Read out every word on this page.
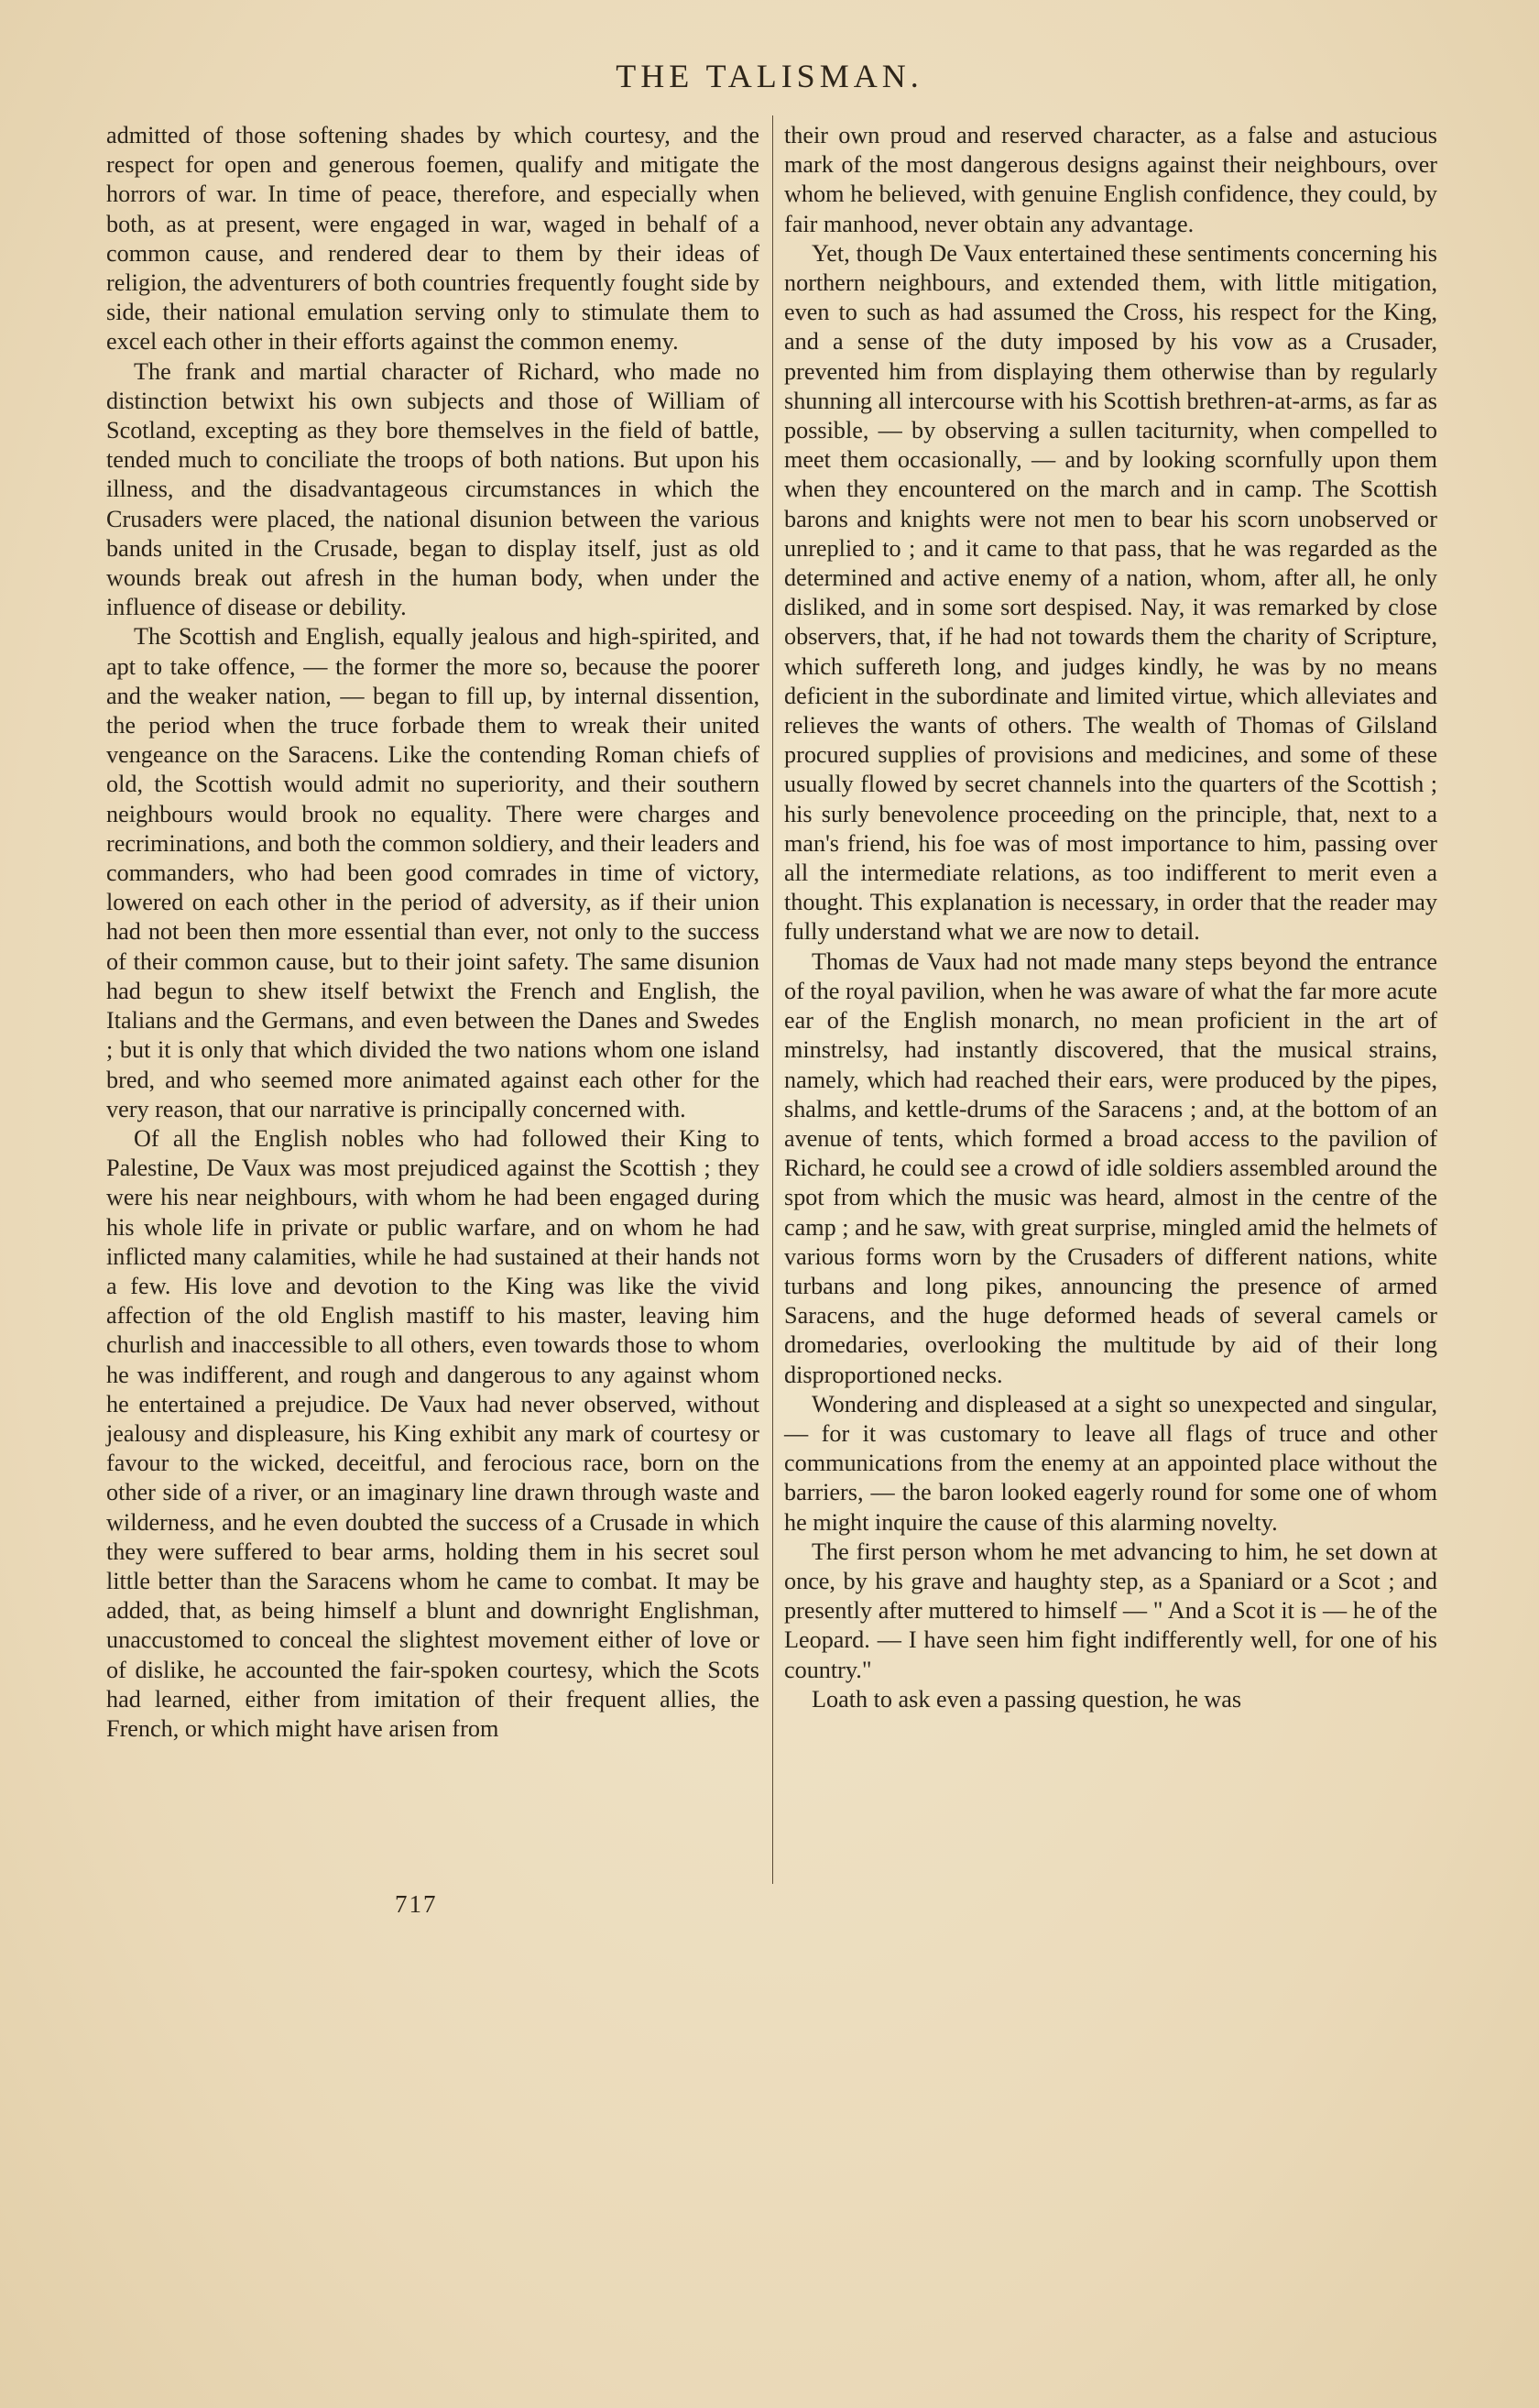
THE TALISMAN.

admitted of those softening shades by which courtesy, and the respect for open and generous foemen, qualify and mitigate the horrors of war. In time of peace, therefore, and especially when both, as at present, were engaged in war, waged in behalf of a common cause, and rendered dear to them by their ideas of religion, the adventurers of both countries frequently fought side by side, their national emulation serving only to stimulate them to excel each other in their efforts against the common enemy.

The frank and martial character of Richard, who made no distinction betwixt his own subjects and those of William of Scotland, excepting as they bore themselves in the field of battle, tended much to conciliate the troops of both nations. But upon his illness, and the disadvantageous circumstances in which the Crusaders were placed, the national disunion between the various bands united in the Crusade, began to display itself, just as old wounds break out afresh in the human body, when under the influence of disease or debility.

The Scottish and English, equally jealous and high-spirited, and apt to take offence, — the former the more so, because the poorer and the weaker nation, — began to fill up, by internal dissention, the period when the truce forbade them to wreak their united vengeance on the Saracens. Like the contending Roman chiefs of old, the Scottish would admit no superiority, and their southern neighbours would brook no equality. There were charges and recriminations, and both the common soldiery, and their leaders and commanders, who had been good comrades in time of victory, lowered on each other in the period of adversity, as if their union had not been then more essential than ever, not only to the success of their common cause, but to their joint safety. The same disunion had begun to shew itself betwixt the French and English, the Italians and the Germans, and even between the Danes and Swedes ; but it is only that which divided the two nations whom one island bred, and who seemed more animated against each other for the very reason, that our narrative is principally concerned with.

Of all the English nobles who had followed their King to Palestine, De Vaux was most prejudiced against the Scottish ; they were his near neighbours, with whom he had been engaged during his whole life in private or public warfare, and on whom he had inflicted many calamities, while he had sustained at their hands not a few. His love and devotion to the King was like the vivid affection of the old English mastiff to his master, leaving him churlish and inaccessible to all others, even towards those to whom he was indifferent, and rough and dangerous to any against whom he entertained a prejudice. De Vaux had never observed, without jealousy and displeasure, his King exhibit any mark of courtesy or favour to the wicked, deceitful, and ferocious race, born on the other side of a river, or an imaginary line drawn through waste and wilderness, and he even doubted the success of a Crusade in which they were suffered to bear arms, holding them in his secret soul little better than the Saracens whom he came to combat. It may be added, that, as being himself a blunt and downright Englishman, unaccustomed to conceal the slightest movement either of love or of dislike, he accounted the fair-spoken courtesy, which the Scots had learned, either from imitation of their frequent allies, the French, or which might have arisen from

their own proud and reserved character, as a false and astucious mark of the most dangerous designs against their neighbours, over whom he believed, with genuine English confidence, they could, by fair manhood, never obtain any advantage.

Yet, though De Vaux entertained these sentiments concerning his northern neighbours, and extended them, with little mitigation, even to such as had assumed the Cross, his respect for the King, and a sense of the duty imposed by his vow as a Crusader, prevented him from displaying them otherwise than by regularly shunning all intercourse with his Scottish brethren-at-arms, as far as possible, — by observing a sullen taciturnity, when compelled to meet them occasionally, — and by looking scornfully upon them when they encountered on the march and in camp. The Scottish barons and knights were not men to bear his scorn unobserved or unreplied to ; and it came to that pass, that he was regarded as the determined and active enemy of a nation, whom, after all, he only disliked, and in some sort despised. Nay, it was remarked by close observers, that, if he had not towards them the charity of Scripture, which suffereth long, and judges kindly, he was by no means deficient in the subordinate and limited virtue, which alleviates and relieves the wants of others. The wealth of Thomas of Gilsland procured supplies of provisions and medicines, and some of these usually flowed by secret channels into the quarters of the Scottish ; his surly benevolence proceeding on the principle, that, next to a man's friend, his foe was of most importance to him, passing over all the intermediate relations, as too indifferent to merit even a thought. This explanation is necessary, in order that the reader may fully understand what we are now to detail.

Thomas de Vaux had not made many steps beyond the entrance of the royal pavilion, when he was aware of what the far more acute ear of the English monarch, no mean proficient in the art of minstrelsy, had instantly discovered, that the musical strains, namely, which had reached their ears, were produced by the pipes, shalms, and kettle-drums of the Saracens ; and, at the bottom of an avenue of tents, which formed a broad access to the pavilion of Richard, he could see a crowd of idle soldiers assembled around the spot from which the music was heard, almost in the centre of the camp ; and he saw, with great surprise, mingled amid the helmets of various forms worn by the Crusaders of different nations, white turbans and long pikes, announcing the presence of armed Saracens, and the huge deformed heads of several camels or dromedaries, overlooking the multitude by aid of their long disproportioned necks.

Wondering and displeased at a sight so unexpected and singular, — for it was customary to leave all flags of truce and other communications from the enemy at an appointed place without the barriers, — the baron looked eagerly round for some one of whom he might inquire the cause of this alarming novelty.

The first person whom he met advancing to him, he set down at once, by his grave and haughty step, as a Spaniard or a Scot ; and presently after muttered to himself — " And a Scot it is — he of the Leopard. — I have seen him fight indifferently well, for one of his country."

Loath to ask even a passing question, he was

717
